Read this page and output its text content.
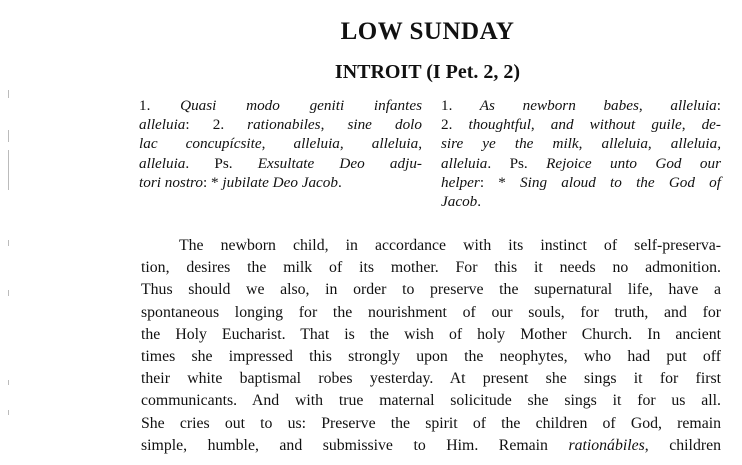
LOW SUNDAY
INTROIT (I Pet. 2, 2)
1. Quasi modo geniti infantes
alleluia: 2. rationabiles, sine dolo
lac concupícsite, alleluia, alleluia,
alleluia. Ps. Exsultate Deo adju-
tori nostro: * jubilate Deo Jacob.
1. As newborn babes, alleluia:
2. thoughtful, and without guile, de-
sire ye the milk, alleluia, alleluia,
alleluia. Ps. Rejoice unto God our
helper: * Sing aloud to the God of
Jacob.
The newborn child, in accordance with its instinct of self-preserva-
tion, desires the milk of its mother. For this it needs no admonition.
Thus should we also, in order to preserve the supernatural life, have a
spontaneous longing for the nourishment of our souls, for truth, and for
the Holy Eucharist. That is the wish of holy Mother Church. In ancient
times she impressed this strongly upon the neophytes, who had put off
their white baptismal robes yesterday. At present she sings it for first
communicants. And with true maternal solicitude she sings it for us all.
She cries out to us: Preserve the spirit of the children of God, remain
simple, humble, and submissive to Him. Remain rationábiles, children
